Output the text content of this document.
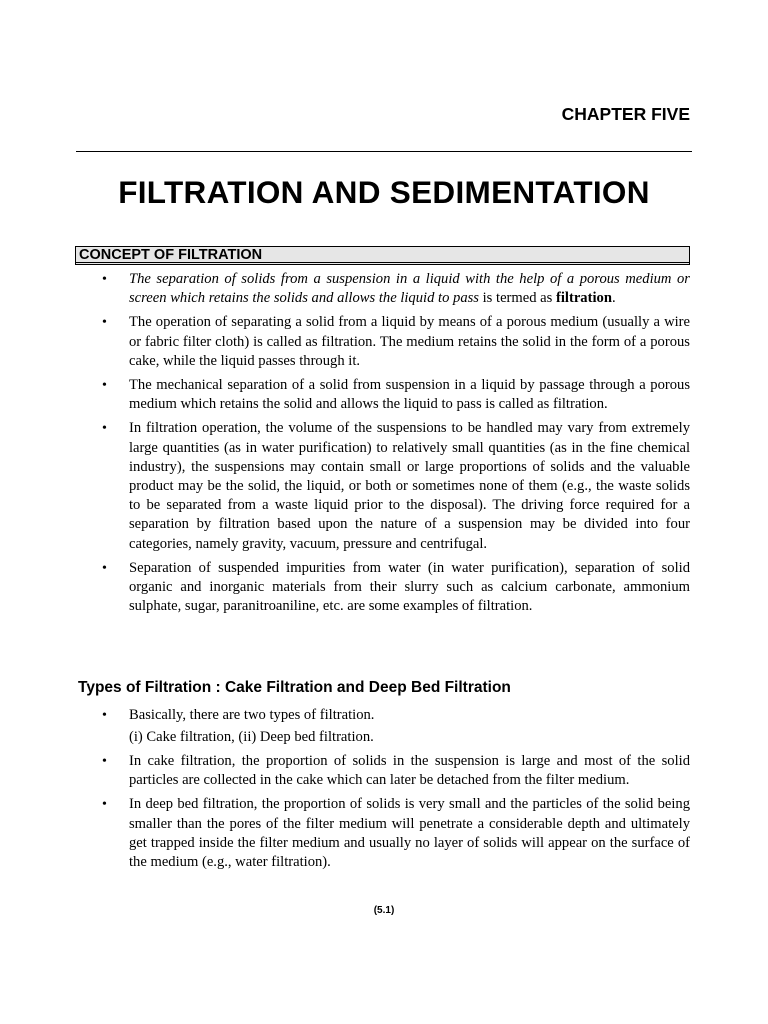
CHAPTER FIVE
FILTRATION AND SEDIMENTATION
CONCEPT OF FILTRATION
• The separation of solids from a suspension in a liquid with the help of a porous medium or screen which retains the solids and allows the liquid to pass is termed as filtration.
• The operation of separating a solid from a liquid by means of a porous medium (usually a wire or fabric filter cloth) is called as filtration. The medium retains the solid in the form of a porous cake, while the liquid passes through it.
• The mechanical separation of a solid from suspension in a liquid by passage through a porous medium which retains the solid and allows the liquid to pass is called as filtration.
• In filtration operation, the volume of the suspensions to be handled may vary from extremely large quantities (as in water purification) to relatively small quantities (as in the fine chemical industry), the suspensions may contain small or large proportions of solids and the valuable product may be the solid, the liquid, or both or sometimes none of them (e.g., the waste solids to be separated from a waste liquid prior to the disposal). The driving force required for a separation by filtration based upon the nature of a suspension may be divided into four categories, namely gravity, vacuum, pressure and centrifugal.
• Separation of suspended impurities from water (in water purification), separation of solid organic and inorganic materials from their slurry such as calcium carbonate, ammonium sulphate, sugar, paranitroaniline, etc. are some examples of filtration.
Types of Filtration : Cake Filtration and Deep Bed Filtration
• Basically, there are two types of filtration.
(i) Cake filtration, (ii) Deep bed filtration.
• In cake filtration, the proportion of solids in the suspension is large and most of the solid particles are collected in the cake which can later be detached from the filter medium.
• In deep bed filtration, the proportion of solids is very small and the particles of the solid being smaller than the pores of the filter medium will penetrate a considerable depth and ultimately get trapped inside the filter medium and usually no layer of solids will appear on the surface of the medium (e.g., water filtration).
(5.1)
